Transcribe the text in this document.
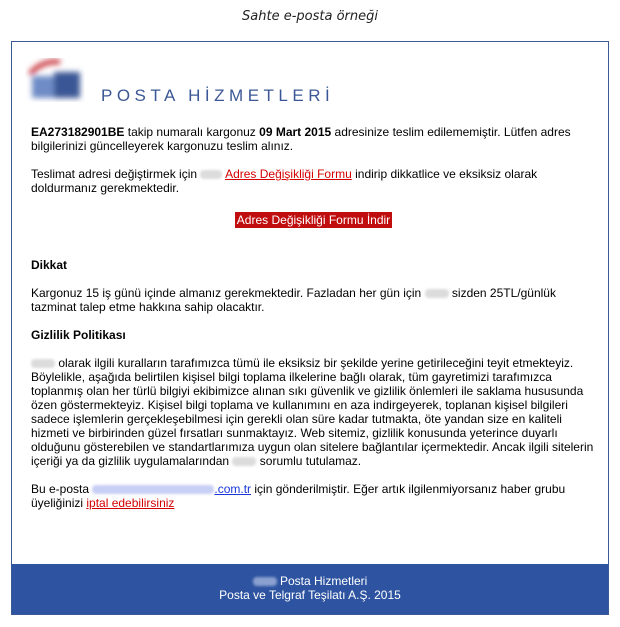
Sahte e-posta örneği
POSTA HİZMETLERİ

EA273182901BE takip numaralı kargonuz 09 Mart 2015 adresinize teslim edilememiştir. Lütfen adres bilgilerinizi güncelleyerek kargonuzu teslim alınız.

Teslimat adresi değiştirmek için  Adres Değişikliği Formu indirip dikkatlice ve eksiksiz olarak doldurmanız gerekmektedir.

Adres Değişikliği Formu İndir

Dikkat

Kargonuz 15 iş günü içinde almanız gerekmektedir. Fazladan her gün için  sizden 25TL/günlük tazminat talep etme hakkına sahip olacaktır.

Gizlilik Politikası

olarak ilgili kuralların tarafımızca tümü ile eksiksiz bir şekilde yerine getirileceğini teyit etmekteyiz. Böylelikle, aşağıda belirtilen kişisel bilgi toplama ilkelerine bağlı olarak, tüm gayretimizi tarafımızca toplanmış olan her türlü bilgiyi ekibimizce alınan sıkı güvenlik ve gizlilik önlemleri ile saklama hususunda özen göstermekteyiz. Kişisel bilgi toplama ve kullanımını en aza indirgeyerek, toplanan kişisel bilgileri sadece işlemlerin gerçekleşebilmesi için gerekli olan süre kadar tutmakta, öte yandan size en kaliteli hizmeti ve birbirinden güzel fırsatları sunmaktayız. Web sitemiz, gizlilik konusunda yeterince duyarlı olduğunu gösterebilen ve standartlarımıza uygun olan sitelere bağlantılar içermektedir. Ancak ilgili sitelerin içeriği ya da gizlilik uygulamalarından  sorumlu tutulamaz.

Bu e-posta	.com.tr için gönderilmiştir. Eğer artık ilgilenmiyorsanız haber grubu üyeliğinizi iptal edebilirsiniz

Posta Hizmetleri
Posta ve Telgraf Teşilatı A.Ş. 2015
